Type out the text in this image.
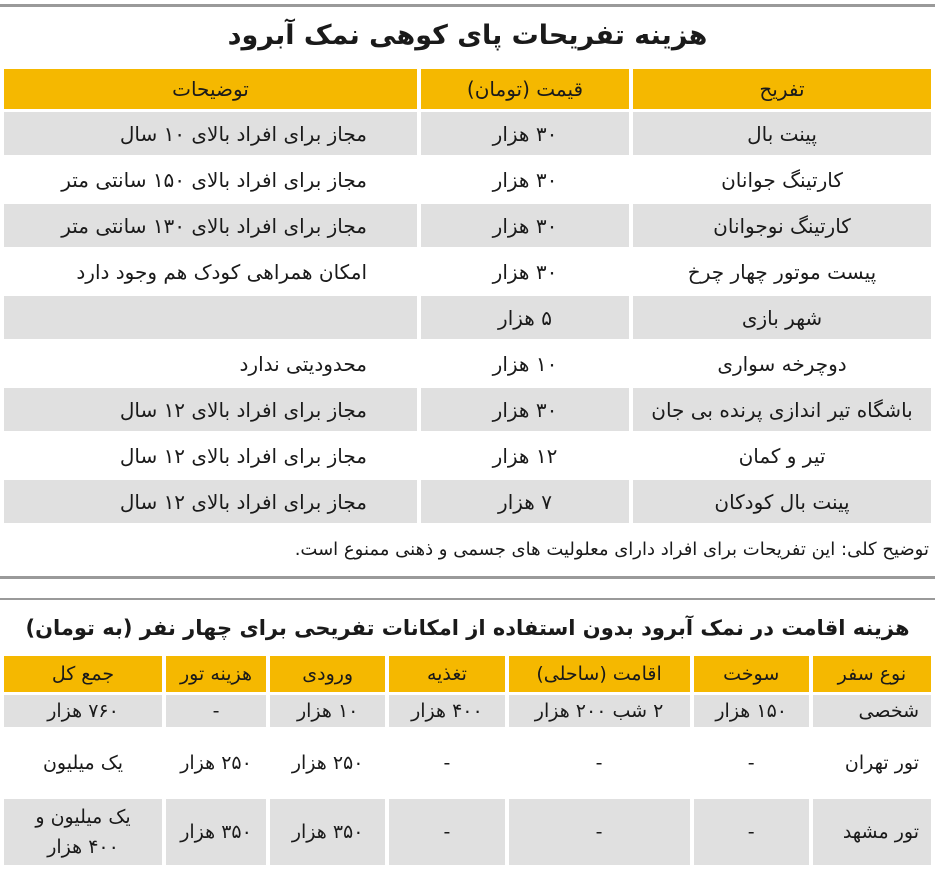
هزینه تفریحات پای کوهی نمک آبرود
تفریح	قیمت (تومان)	توضیحات
پینت بال	۳۰ هزار	مجاز برای افراد بالای ۱۰ سال
کارتینگ جوانان	۳۰ هزار	مجاز برای افراد بالای ۱۵۰ سانتی متر
کارتینگ نوجوانان	۳۰ هزار	مجاز برای افراد بالای ۱۳۰ سانتی متر
پیست موتور چهار چرخ	۳۰ هزار	امکان همراهی کودک هم وجود دارد
شهر بازی	۵ هزار	
دوچرخه سواری	۱۰ هزار	محدودیتی ندارد
باشگاه تیر اندازی پرنده بی جان	۳۰ هزار	مجاز برای افراد بالای ۱۲ سال
تیر و کمان	۱۲ هزار	مجاز برای افراد بالای ۱۲ سال
پینت بال کودکان	۷ هزار	مجاز برای افراد بالای ۱۲ سال
توضیح کلی: این تفریحات برای افراد دارای معلولیت های جسمی و ذهنی ممنوع است.
هزینه اقامت در نمک آبرود بدون استفاده از امکانات تفریحی برای چهار نفر (به تومان)
نوع سفر	سوخت	اقامت (ساحلی)	تغذیه	ورودی	هزینه تور	جمع کل
شخصی	۱۵۰ هزار	۲ شب ۲۰۰ هزار	۴۰۰ هزار	۱۰ هزار	-	۷۶۰ هزار
تور تهران	-	-	-	۲۵۰ هزار	۲۵۰ هزار	یک میلیون
تور مشهد	-	-	-	۳۵۰ هزار	۳۵۰ هزار	یک میلیون و ۴۰۰ هزار
